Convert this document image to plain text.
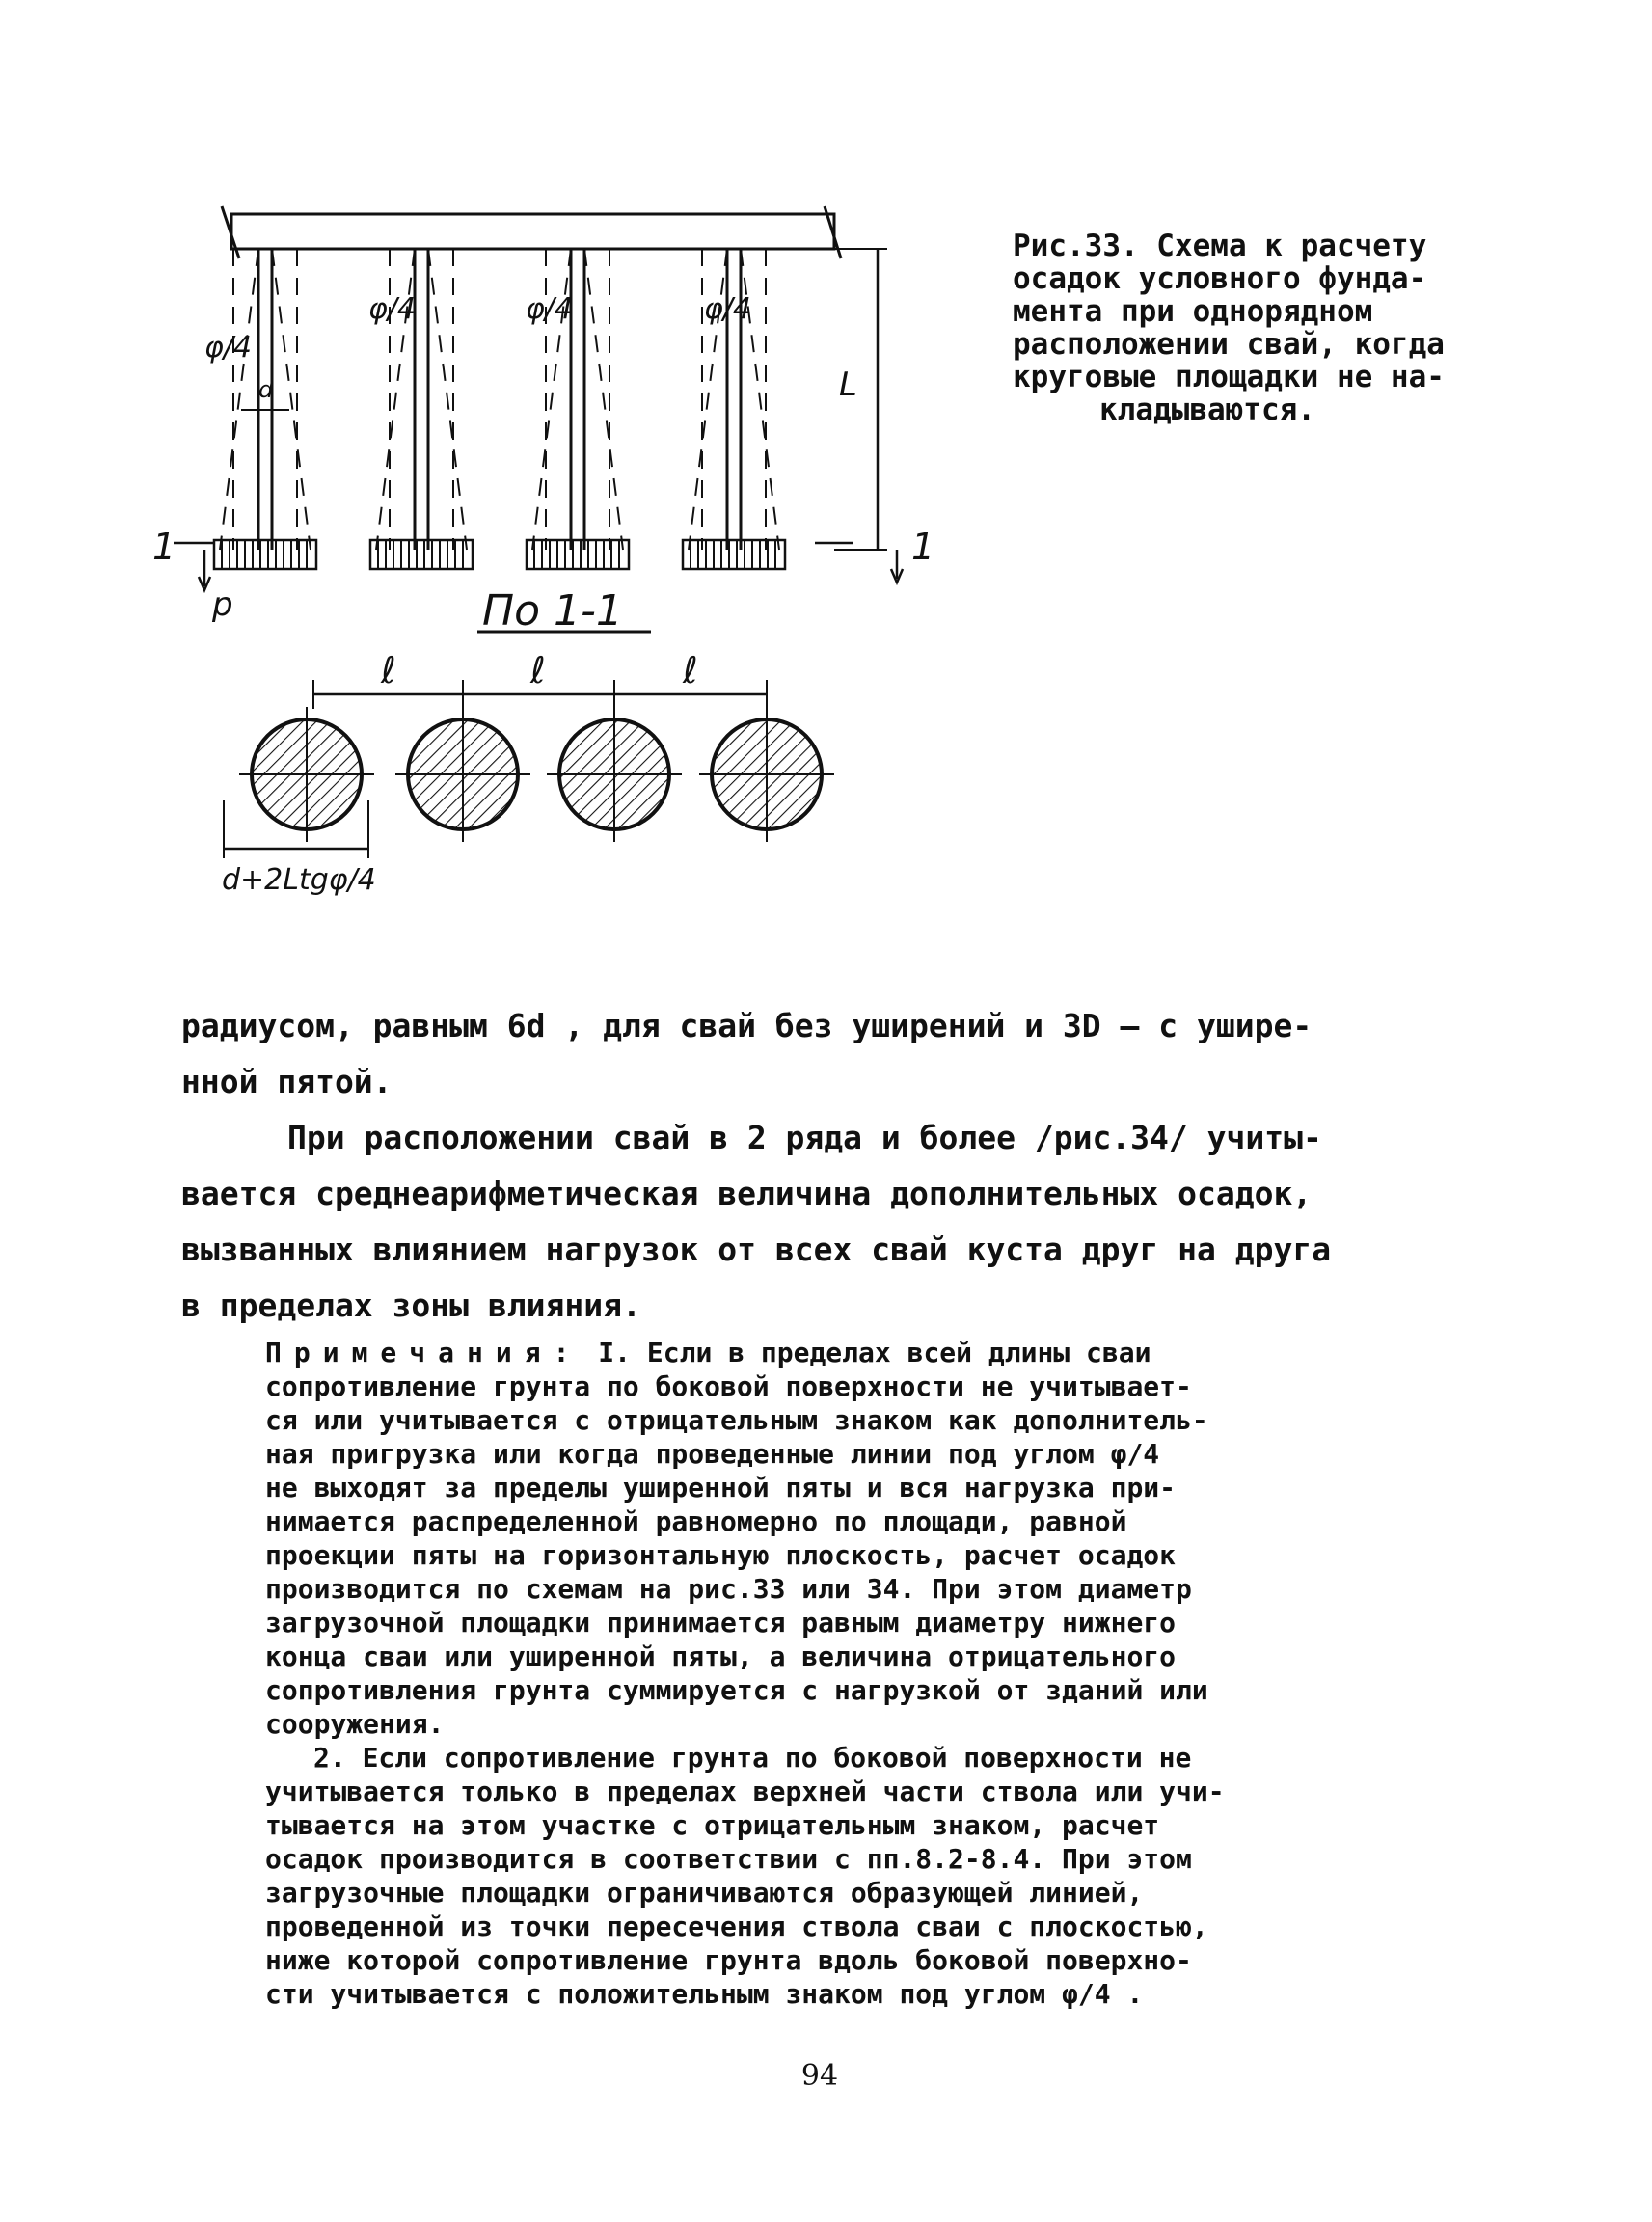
φ/4
φ/4	φ/4	φ/4
d	L
1	1
p	По 1-1
ℓ	ℓ	ℓ
d+2Ltgφ/4

Рис.33. Схема к расчету

осадок условного фунда-

мента при однорядном

расположении свай, когда

круговые площадки не на-

кладываются.

радиусом, равным 6d , для свай без уширений и 3D – с ушире-

нной пятой.

При расположении свай в 2 ряда и более /рис.34/ учиты-

вается среднеарифметическая величина дополнительных осадок,

вызванных влиянием нагрузок от всех свай куста друг на друга

в пределах зоны влияния.

Примечания: I. Если в пределах всей длины сваи

сопротивление грунта по боковой поверхности не учитывает-

ся или учитывается с отрицательным знаком как дополнитель-

ная пригрузка или когда проведенные линии под углом φ/4

не выходят за пределы уширенной пяты и вся нагрузка при-

нимается распределенной равномерно по площади, равной

проекции пяты на горизонтальную плоскость, расчет осадок

производится по схемам на рис.33 или 34. При этом диаметр

загрузочной площадки принимается равным диаметру нижнего

конца сваи или уширенной пяты, а величина отрицательного

сопротивления грунта суммируется с нагрузкой от зданий или

сооружения.

2. Если сопротивление грунта по боковой поверхности не

учитывается только в пределах верхней части ствола или учи-

тывается на этом участке с отрицательным знаком, расчет

осадок производится в соответствии с пп.8.2-8.4. При этом

загрузочные площадки ограничиваются образующей линией,

проведенной из точки пересечения ствола сваи с плоскостью,

ниже которой сопротивление грунта вдоль боковой поверхно-

сти учитывается с положительным знаком под углом φ/4 .

94
